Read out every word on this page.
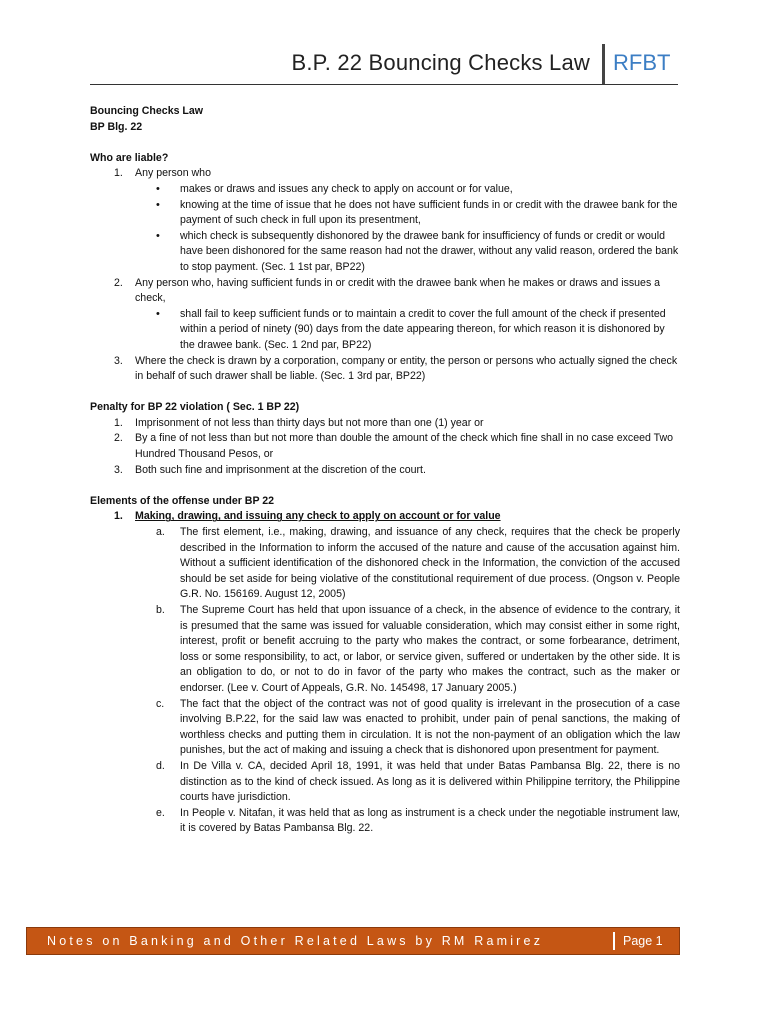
B.P. 22 Bouncing Checks Law RFBT

Bouncing Checks Law

BP Blg. 22

Who are liable?

1. Any person who
• makes or draws and issues any check to apply on account or for value,
• knowing at the time of issue that he does not have sufficient funds in or credit with the drawee bank for the payment of such check in full upon its presentment,
• which check is subsequently dishonored by the drawee bank for insufficiency of funds or credit or would have been dishonored for the same reason had not the drawer, without any valid reason, ordered the bank to stop payment. (Sec. 1 1st par, BP22)
2. Any person who, having sufficient funds in or credit with the drawee bank when he makes or draws and issues a check,
• shall fail to keep sufficient funds or to maintain a credit to cover the full amount of the check if presented within a period of ninety (90) days from the date appearing thereon, for which reason it is dishonored by the drawee bank. (Sec. 1 2nd par, BP22)
3. Where the check is drawn by a corporation, company or entity, the person or persons who actually signed the check in behalf of such drawer shall be liable. (Sec. 1 3rd par, BP22)

Penalty for BP 22 violation ( Sec. 1 BP 22)

1. Imprisonment of not less than thirty days but not more than one (1) year or
2. By a fine of not less than but not more than double the amount of the check which fine shall in no case exceed Two Hundred Thousand Pesos, or
3. Both such fine and imprisonment at the discretion of the court.

Elements of the offense under BP 22

1. Making, drawing, and issuing any check to apply on account or for value
a. The first element, i.e., making, drawing, and issuance of any check, requires that the check be properly described in the Information to inform the accused of the nature and cause of the accusation against him. Without a sufficient identification of the dishonored check in the Information, the conviction of the accused should be set aside for being violative of the constitutional requirement of due process. (Ongson v. People G.R. No. 156169. August 12, 2005)
b. The Supreme Court has held that upon issuance of a check, in the absence of evidence to the contrary, it is presumed that the same was issued for valuable consideration, which may consist either in some right, interest, profit or benefit accruing to the party who makes the contract, or some forbearance, detriment, loss or some responsibility, to act, or labor, or service given, suffered or undertaken by the other side. It is an obligation to do, or not to do in favor of the party who makes the contract, such as the maker or endorser. (Lee v. Court of Appeals, G.R. No. 145498, 17 January 2005.)
c. The fact that the object of the contract was not of good quality is irrelevant in the prosecution of a case involving B.P.22, for the said law was enacted to prohibit, under pain of penal sanctions, the making of worthless checks and putting them in circulation. It is not the non-payment of an obligation which the law punishes, but the act of making and issuing a check that is dishonored upon presentment for payment.
d. In De Villa v. CA, decided April 18, 1991, it was held that under Batas Pambansa Blg. 22, there is no distinction as to the kind of check issued. As long as it is delivered within Philippine territory, the Philippine courts have jurisdiction.
e. In People v. Nitafan, it was held that as long as instrument is a check under the negotiable instrument law, it is covered by Batas Pambansa Blg. 22.
Notes on Banking and Other Related Laws by RM Ramirez	Page 1
